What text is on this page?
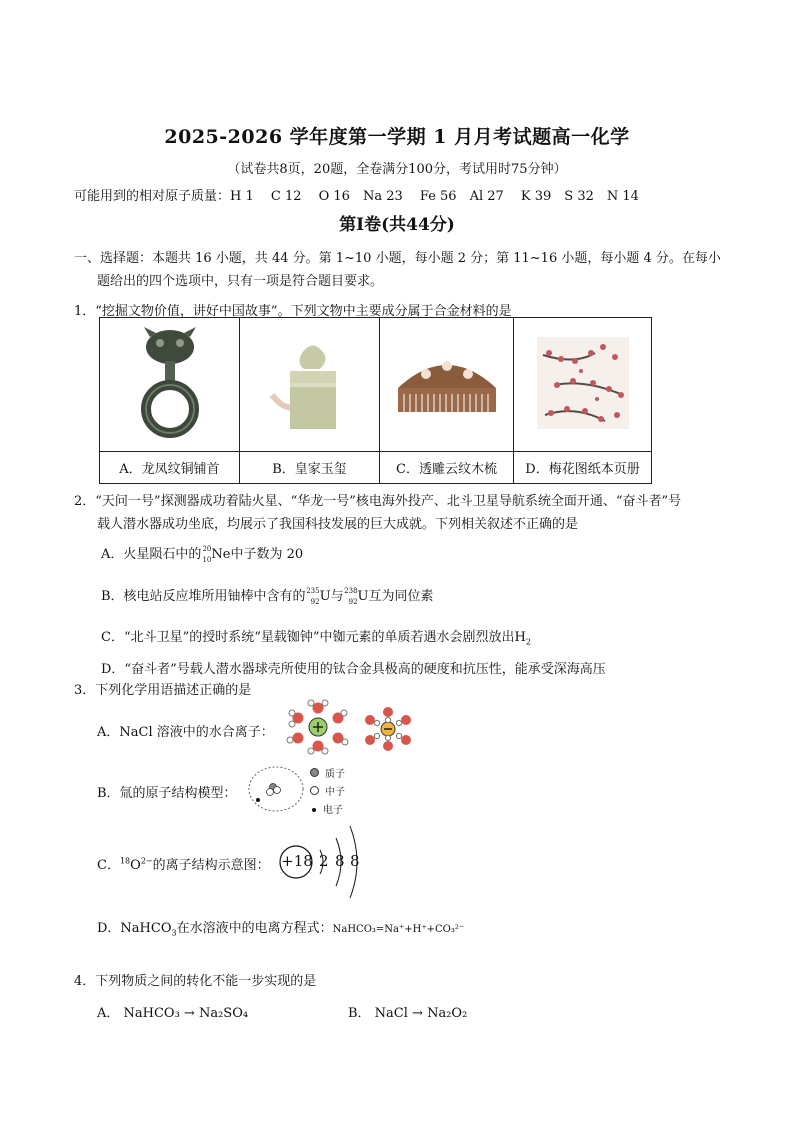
2025-2026 学年度第一学期 1 月月考试题高一化学
（试卷共8页，20题，全卷满分100分，考试用时75分钟）
可能用到的相对原子质量：H 1　 C 12　 O 16　Na 23　 Fe 56　Al 27　 K 39　S 32　N 14
第Ⅰ卷(共44分)
一、选择题：本题共 16 小题，共 44 分。第 1~10 小题，每小题 2 分；第 11~16 小题，每小题 4 分。在每小
题给出的四个选项中，只有一项是符合题目要求。
1．“挖掘文物价值，讲好中国故事”。下列文物中主要成分属于合金材料的是

A．龙凤纹铜铺首	B．皇家玉玺	C．透雕云纹木梳	D．梅花图纸本页册
2．“天问一号”探测器成功着陆火星、“华龙一号”核电海外投产、北斗卫星导航系统全面开通、“奋斗者”号
载人潜水器成功坐底，均展示了我国科技发展的巨大成就。下列相关叙述不正确的是
A．火星陨石中的 20
10 Ne中子数为 20
B．核电站反应堆所用铀棒中含有的 235
92 U与 238
92 U互为同位素
C．“北斗卫星”的授时系统“星载铷钟”中铷元素的单质若遇水会剧烈放出$H_2$
D．“奋斗者”号载人潜水器球壳所使用的钛合金具极高的硬度和抗压性，能承受深海高压
3．下列化学用语描述正确的是
A．NaCl 溶液中的水合离子：
B．氚的原子结构模型：
质子
中子
电子
C．$^{18}O^{2-}$的离子结构示意图： +18 2 8 8
D．NaHCO$_3$在水溶液中的电离方程式：NaHCO₃=Na⁺+H⁺+CO₃²⁻
4．下列物质之间的转化不能一步实现的是
A． NaHCO₃ → Na₂SO₄	B． NaCl → Na₂O₂
